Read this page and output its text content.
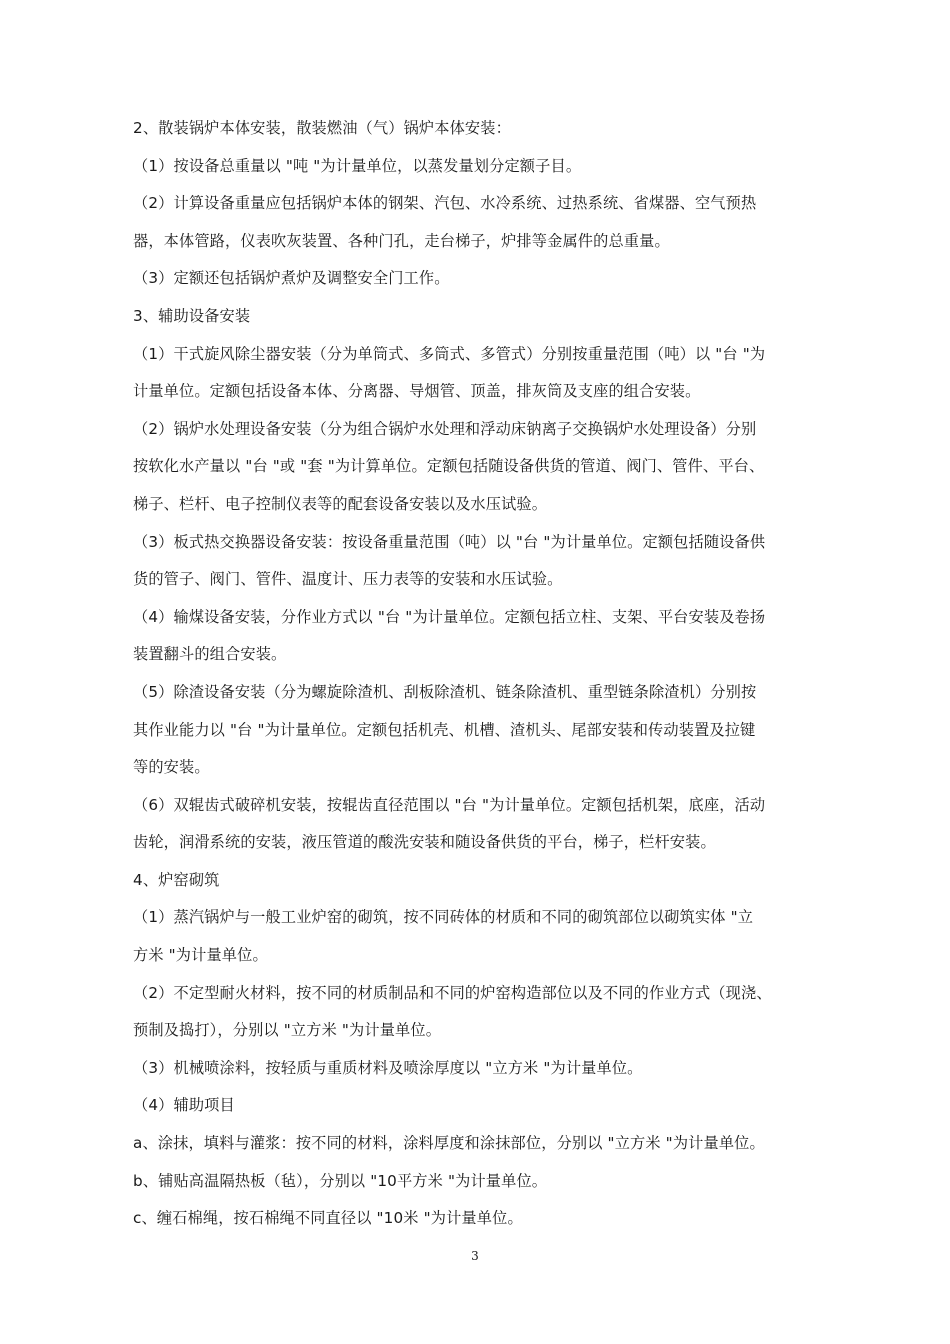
2、散装锅炉本体安装，散装燃油（气）锅炉本体安装：

（1）按设备总重量以 "吨 "为计量单位，以蒸发量划分定额子目。

（2）计算设备重量应包括锅炉本体的钢架、汽包、水冷系统、过热系统、省煤器、空气预热

器，本体管路，仪表吹灰装置、各种门孔，走台梯子，炉排等金属件的总重量。

（3）定额还包括锅炉煮炉及调整安全门工作。

3、辅助设备安装

（1）干式旋风除尘器安装（分为单筒式、多筒式、多管式）分别按重量范围（吨）以 "台 "为

计量单位。定额包括设备本体、分离器、导烟管、顶盖，排灰筒及支座的组合安装。

（2）锅炉水处理设备安装（分为组合锅炉水处理和浮动床钠离子交换锅炉水处理设备）分别

按软化水产量以 "台 "或 "套 "为计算单位。定额包括随设备供货的管道、阀门、管件、平台、

梯子、栏杆、电子控制仪表等的配套设备安装以及水压试验。

（3）板式热交换器设备安装：按设备重量范围（吨）以 "台 "为计量单位。定额包括随设备供

货的管子、阀门、管件、温度计、压力表等的安装和水压试验。

（4）输煤设备安装，分作业方式以 "台 "为计量单位。定额包括立柱、支架、平台安装及卷扬

装置翻斗的组合安装。

（5）除渣设备安装（分为螺旋除渣机、刮板除渣机、链条除渣机、重型链条除渣机）分别按

其作业能力以 "台 "为计量单位。定额包括机壳、机槽、渣机头、尾部安装和传动装置及拉键

等的安装。

（6）双辊齿式破碎机安装，按辊齿直径范围以 "台 "为计量单位。定额包括机架，底座，活动

齿轮，润滑系统的安装，液压管道的酸洗安装和随设备供货的平台，梯子，栏杆安装。

4、炉窑砌筑

（1）蒸汽锅炉与一般工业炉窑的砌筑，按不同砖体的材质和不同的砌筑部位以砌筑实体 "立

方米 "为计量单位。

（2）不定型耐火材料，按不同的材质制品和不同的炉窑构造部位以及不同的作业方式（现浇、

预制及捣打），分别以 "立方米 "为计量单位。

（3）机械喷涂料，按轻质与重质材料及喷涂厚度以 "立方米 "为计量单位。

（4）辅助项目

a、涂抹，填料与灌浆：按不同的材料，涂料厚度和涂抹部位，分别以 "立方米 "为计量单位。

b、铺贴高温隔热板（毡），分别以 "10平方米 "为计量单位。

c、缠石棉绳，按石棉绳不同直径以 "10米 "为计量单位。

3
